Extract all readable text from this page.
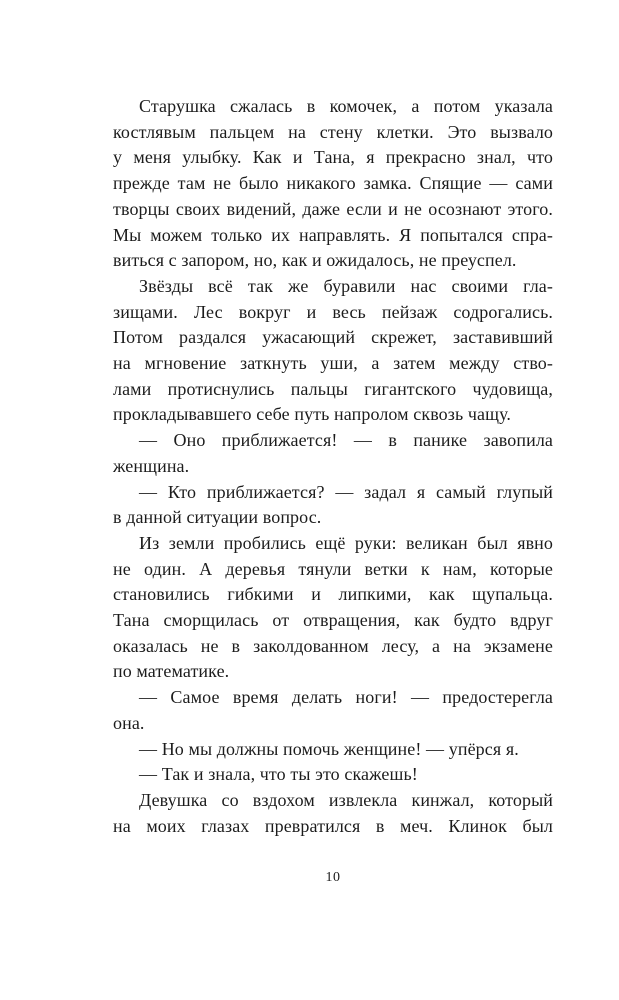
Старушка сжалась в комочек, а потом указала
костлявым пальцем на стену клетки. Это вызвало
у меня улыбку. Как и Тана, я прекрасно знал, что
прежде там не было никакого замка. Спящие — сами
творцы своих видений, даже если и не осознают этого.
Мы можем только их направлять. Я попытался спра-
виться с запором, но, как и ожидалось, не преуспел.
Звёзды всё так же буравили нас своими гла-
зищами. Лес вокруг и весь пейзаж содрогались.
Потом раздался ужасающий скрежет, заставивший
на мгновение заткнуть уши, а затем между ство-
лами протиснулись пальцы гигантского чудовища,
прокладывавшего себе путь напролом сквозь чащу.
— Оно приближается! — в панике завопила
женщина.
— Кто приближается? — задал я самый глупый
в данной ситуации вопрос.
Из земли пробились ещё руки: великан был явно
не один. А деревья тянули ветки к нам, которые
становились гибкими и липкими, как щупальца.
Тана сморщилась от отвращения, как будто вдруг
оказалась не в заколдованном лесу, а на экзамене
по математике.
— Самое время делать ноги! — предостерегла
она.
— Но мы должны помочь женщине! — упёрся я.
— Так и знала, что ты это скажешь!
Девушка со вздохом извлекла кинжал, который
на моих глазах превратился в меч. Клинок был
10
